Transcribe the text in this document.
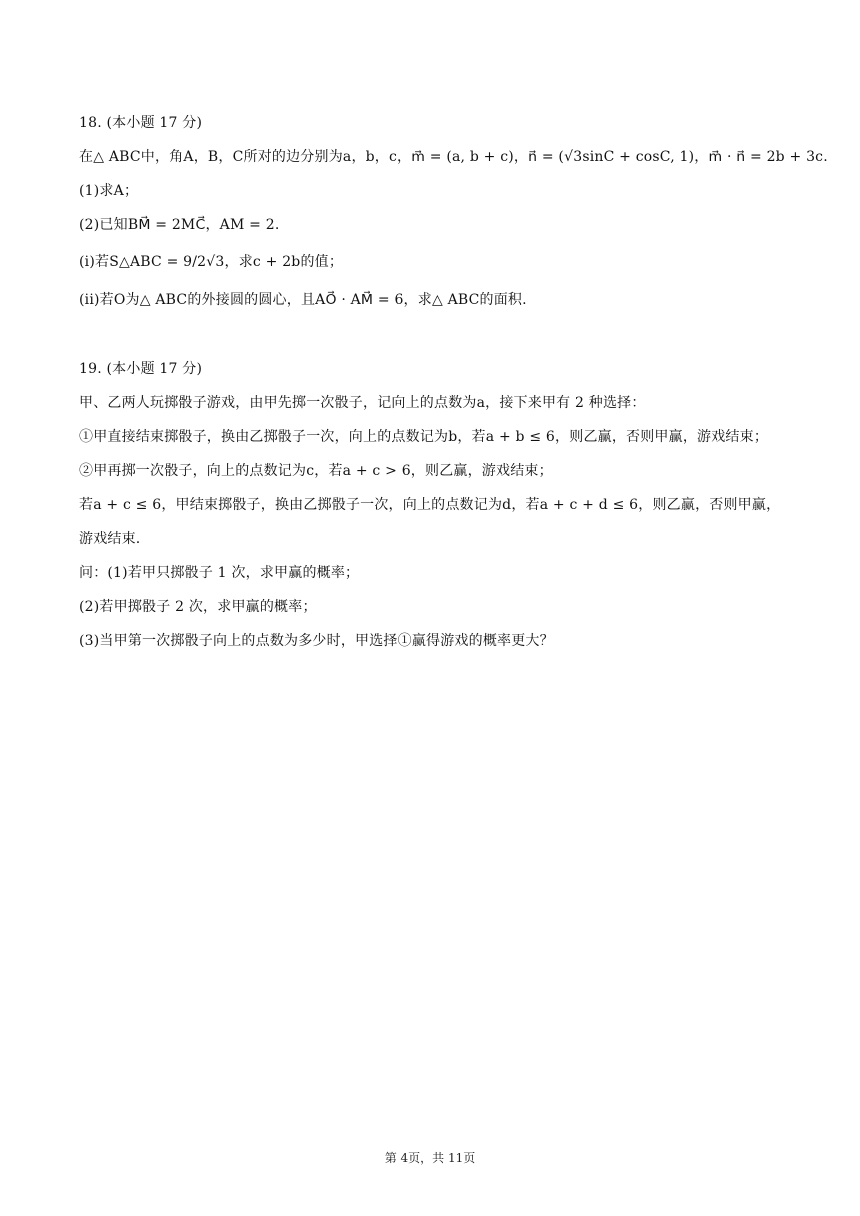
18. (本小题 17 分)
在△ ABC中，角A，B，C所对的边分别为a，b，c，m⃗ = (a, b + c)，n⃗ = (√3sinC + cosC, 1)，m⃗ · n⃗ = 2b + 3c.
(1)求A；
(2)已知BM⃗ = 2MC⃗，AM = 2.
(i)若S△ABC = 9/2√3，求c + 2b的值；
(ii)若O为△ ABC的外接圆的圆心，且AO⃗ · AM⃗ = 6，求△ ABC的面积.
19. (本小题 17 分)
甲、乙两人玩掷骰子游戏，由甲先掷一次骰子，记向上的点数为a，接下来甲有 2 种选择：
①甲直接结束掷骰子，换由乙掷骰子一次，向上的点数记为b，若a + b ≤ 6，则乙赢，否则甲赢，游戏结束；
②甲再掷一次骰子，向上的点数记为c，若a + c > 6，则乙赢，游戏结束；
若a + c ≤ 6，甲结束掷骰子，换由乙掷骰子一次，向上的点数记为d，若a + c + d ≤ 6，则乙赢，否则甲赢，
游戏结束.
问：(1)若甲只掷骰子 1 次，求甲赢的概率；
(2)若甲掷骰子 2 次，求甲赢的概率；
(3)当甲第一次掷骰子向上的点数为多少时，甲选择①赢得游戏的概率更大？
第 4页，共 11页
